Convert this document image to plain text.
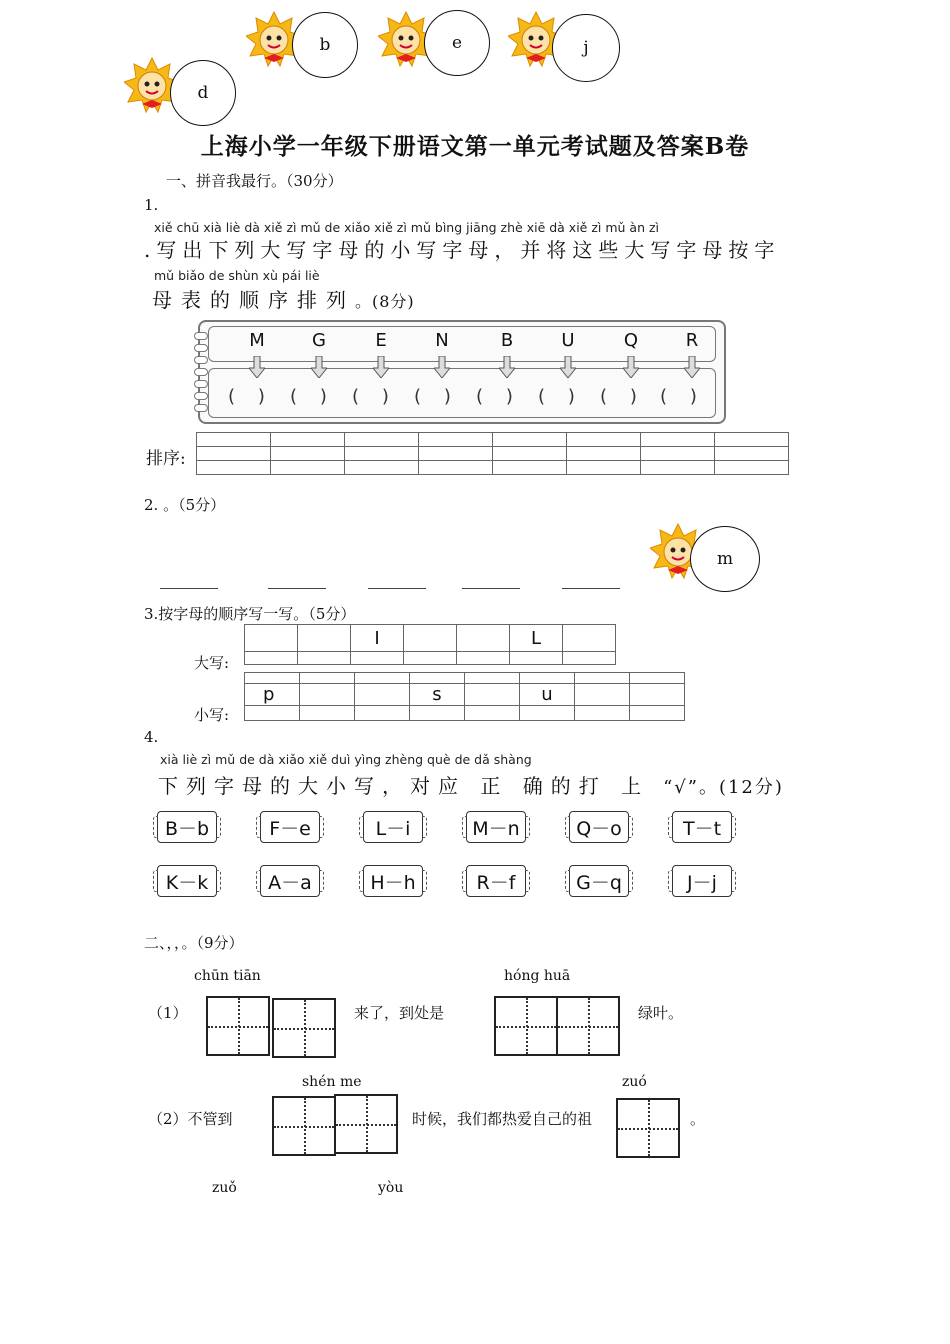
b	e	j
d
上海小学一年级下册语文第一单元考试题及答案B卷
一、拼音我最行。（30分）
1.
xiě chū xià liè dà xiě zì mǔ de xiǎo xiě zì mǔ bìng jiāng zhè xiē dà xiě zì mǔ àn zì
.写出下列大写字母的小写字母，并将这些大写字母按字
mǔ biǎo de shùn xù pái liè
母表的顺序排列。(8分)
M	G	E	N	B	U	Q	R
(    ) (    ) (    ) (    ) (    ) (    ) (    ) (    )
排序:

2. 。（5分）
m
3.按字母的顺序写一写。（5分）
大写:
		I			L	

小写:

p			s		u		

4.
xià liè zì mǔ de dà xiǎo xiě duì yìng zhèng què de dǎ shàng
下列字母的大小写，对应 正 确的打 上 “√”。(12分)
B－b	F－e	L－i	M－n	Q－o	T－t
K－k	A－a	H－h	R－f	G－q	J－j
二、，，。（9分）
chūn tiān	hóng huā
（1）	来了，到处是	绿叶。
shén me	zuó
（2）不管到	时候，我们都热爱自己的祖	。
zuǒ	yòu
